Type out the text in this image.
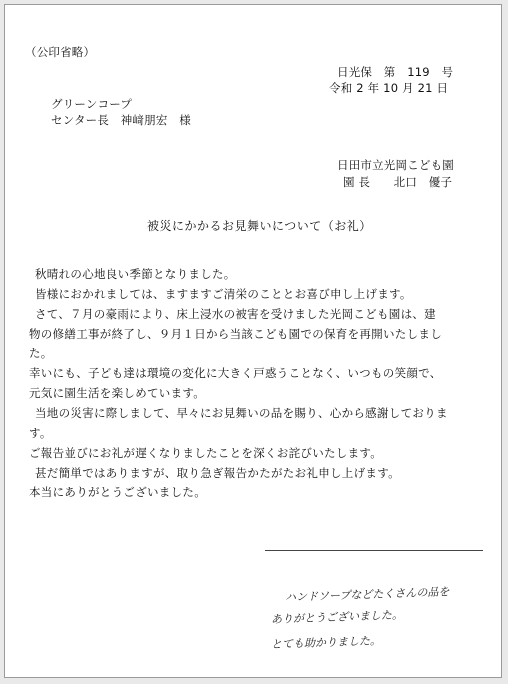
（公印省略）
日光保　第　119　号
令和 2 年 10 月 21 日
グリーンコープ
センター長　神﨑朋宏　様
日田市立光岡こども園
園 長　　北口　優子
被災にかかるお見舞いについて（お礼）
秋晴れの心地良い季節となりました。
皆様におかれましては、ますますご清栄のこととお喜び申し上げます。
さて、７月の豪雨により、床上浸水の被害を受けました光岡こども園は、建
物の修繕工事が終了し、９月１日から当該こども園での保育を再開いたしまし
た。
幸いにも、子ども達は環境の変化に大きく戸惑うことなく、いつもの笑顔で、
元気に園生活を楽しめています。
当地の災害に際しまして、早々にお見舞いの品を賜り、心から感謝しておりま
す。
ご報告並びにお礼が遅くなりましたことを深くお詫びいたします。
甚だ簡単ではありますが、取り急ぎ報告かたがたお礼申し上げます。
本当にありがとうございました。
ハンドソープなどたくさんの品を
ありがとうございました。
とても助かりました。
